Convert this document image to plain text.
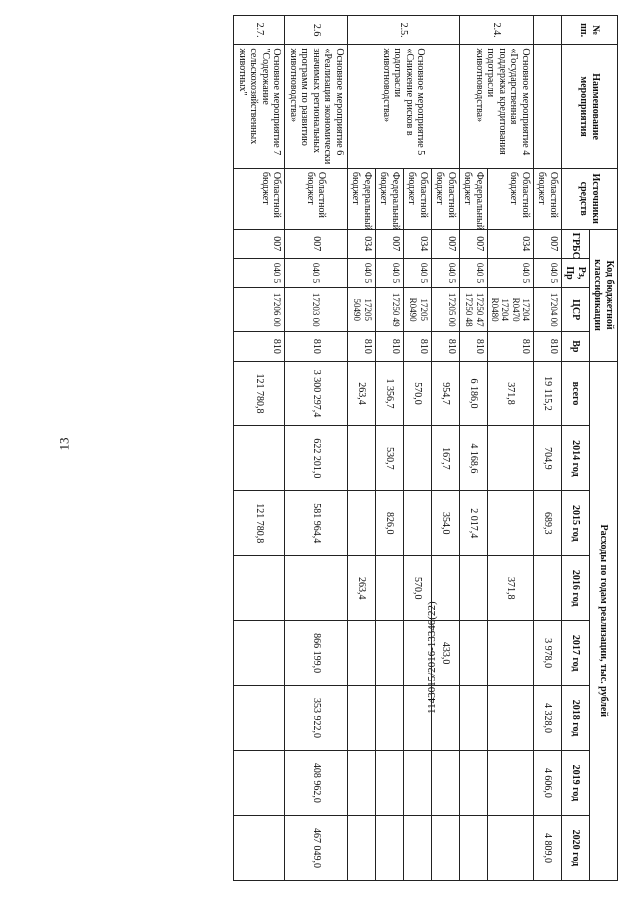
13
1143015/2016-13346(22)
№ пп.	Наименование мероприятия	Источники средств	Код бюджетной классификации				Расходы по годам реализации, тыс. рублей							
			ГРБС	Рз, Пр	ЦСР	Вр	всего	2014 год	2015 год	2016 год	2017 год	2018 год	2019 год	2020 год
		Областной бюджет	007	040 5	17204 00	810	19 115,2	704,9	689,3		3 978,0	4 328,0	4 606,0	4 809,0
2.4.	Основное мероприятие 4 «Государственная поддержка кредитования подотрасли животноводства»	Областной бюджет	034	040 5	17204 R0470 17204 R0480	810	371,8			371,8				
		Федеральный бюджет	007	040 5	17250 47 17250 48	810	6 186,0	4 168,6	2 017,4					
2.5.	Основное мероприятие 5 «Снижение рисков в подотрасли животноводства»	Областной бюджет	007	040 5	17205 00	810	954,7	167,7	354,0		433,0			
		Областной бюджет	034	040 5	17205 R0490	810	570,0			570,0				
		Федеральный бюджет	007	040 5	17250 49	810	1 356,7	530,7	826,0					
		Федеральный бюджет	034	040 5	17205 50490	810	263,4			263,4				
2.6	Основное мероприятие 6 «Реализация экономически значимых региональных программ по развитию животноводства»	Областной бюджет	007	040 5	17203 00	810	3 300 297,4	622 201,0	581 964,4		866 199,0	353 922,0	408 962,0	467 049,0
2.7.	Основное мероприятие 7 "Содержание сельскохозяйственных животных"	Областной бюджет	007	040 5	17206 00	810	121 780,8		121 780,8					
